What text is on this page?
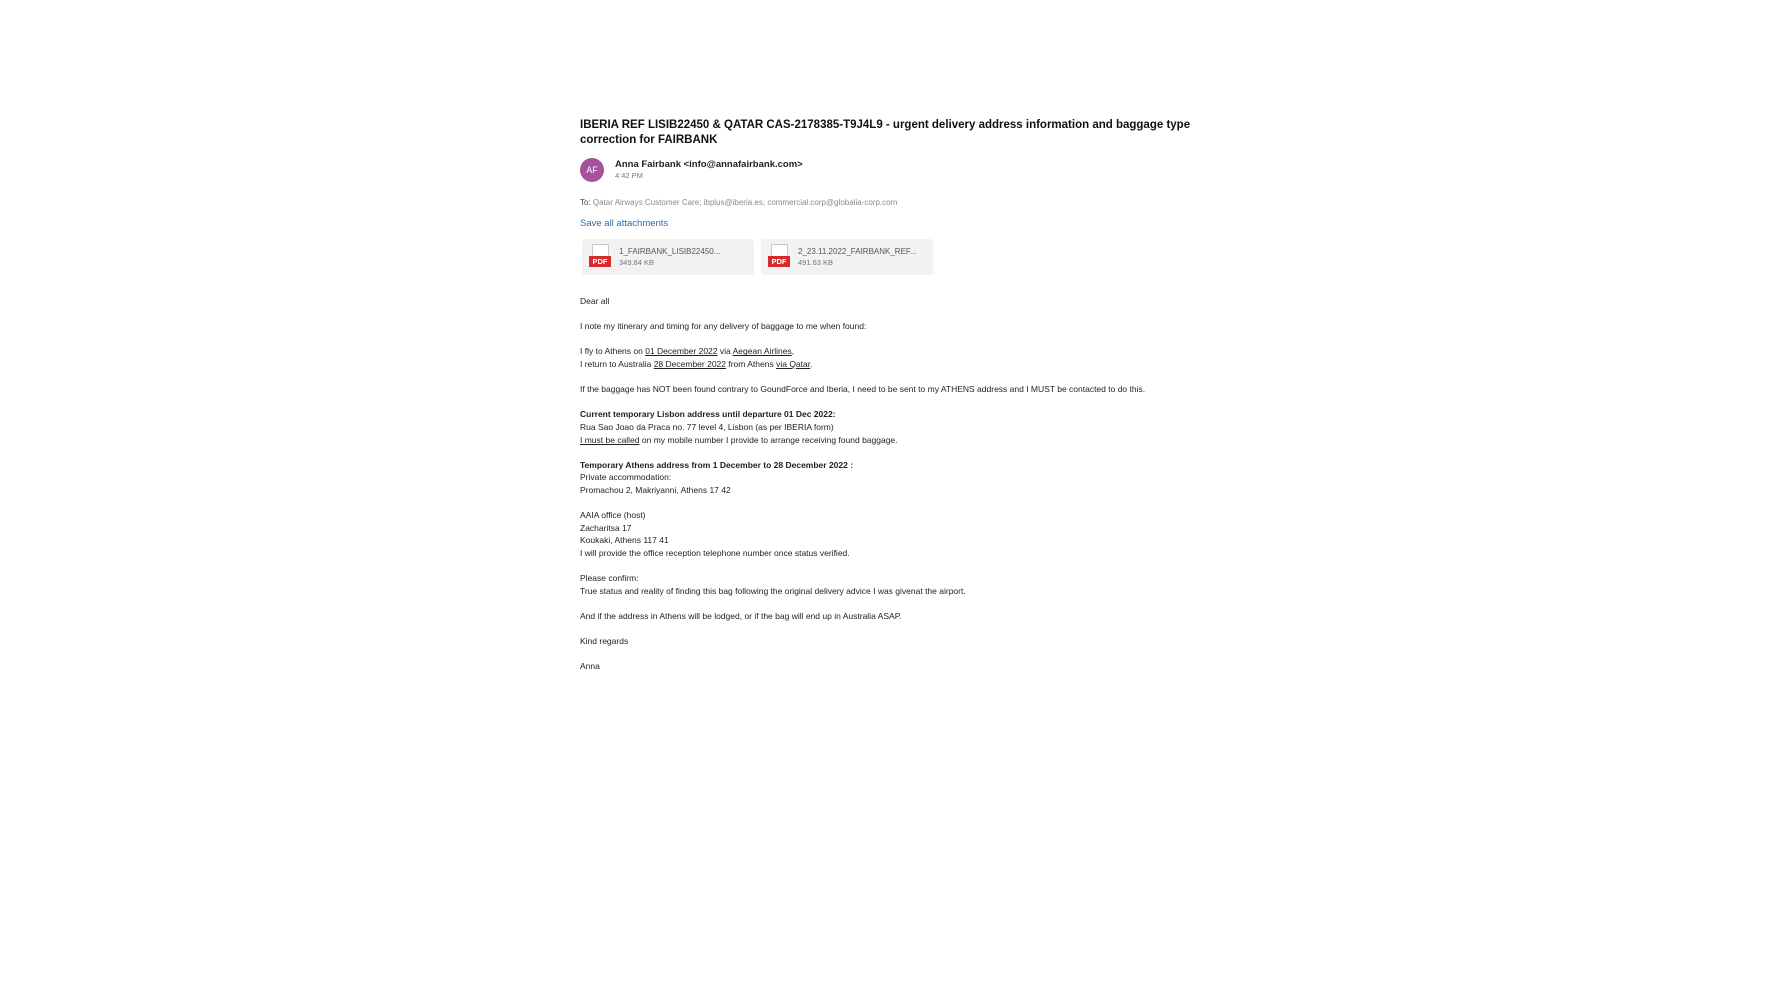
IBERIA REF LISIB22450 & QATAR CAS-2178385-T9J4L9 - urgent delivery address information and baggage type correction for FAIRBANK
AF	Anna Fairbank <info@annafairbank.com>
4:42 PM
To: Qatar Airways Customer Care; ibplus@iberia.es; commercial.corp@globalia-corp.com
Save all attachments
PDF
1_FAIRBANK_LISIB22450...
349.84 KB	PDF
2_23.11.2022_FAIRBANK_REF...
491.63 KB

Dear all

I note my itinerary and timing for any delivery of baggage to me when found:

I fly to Athens on 01 December 2022 via Aegean Airlines,
I return to Australia 28 December 2022 from Athens via Qatar.

If the baggage has NOT been found contrary to GoundForce and Iberia, I need to be sent to my ATHENS address and I MUST be contacted to do this.

Current temporary Lisbon address until departure 01 Dec 2022:
Rua Sao Joao da Praca no. 77 level 4, Lisbon (as per IBERIA form)
I must be called on my mobile number I provide to arrange receiving found baggage.

Temporary Athens address from 1 December to 28 December 2022 :
Private accommodation:
Promachou 2, Makriyanni, Athens 17 42

AAIA office (host)
Zacharitsa 17
Koukaki, Athens 117 41
I will provide the office reception telephone number once status verified.

Please confirm:
True status and reality of finding this bag following the original delivery advice I was givenat the airport.

And if the address in Athens will be lodged, or if the bag will end up in Australia ASAP.

Kind regards

Anna
